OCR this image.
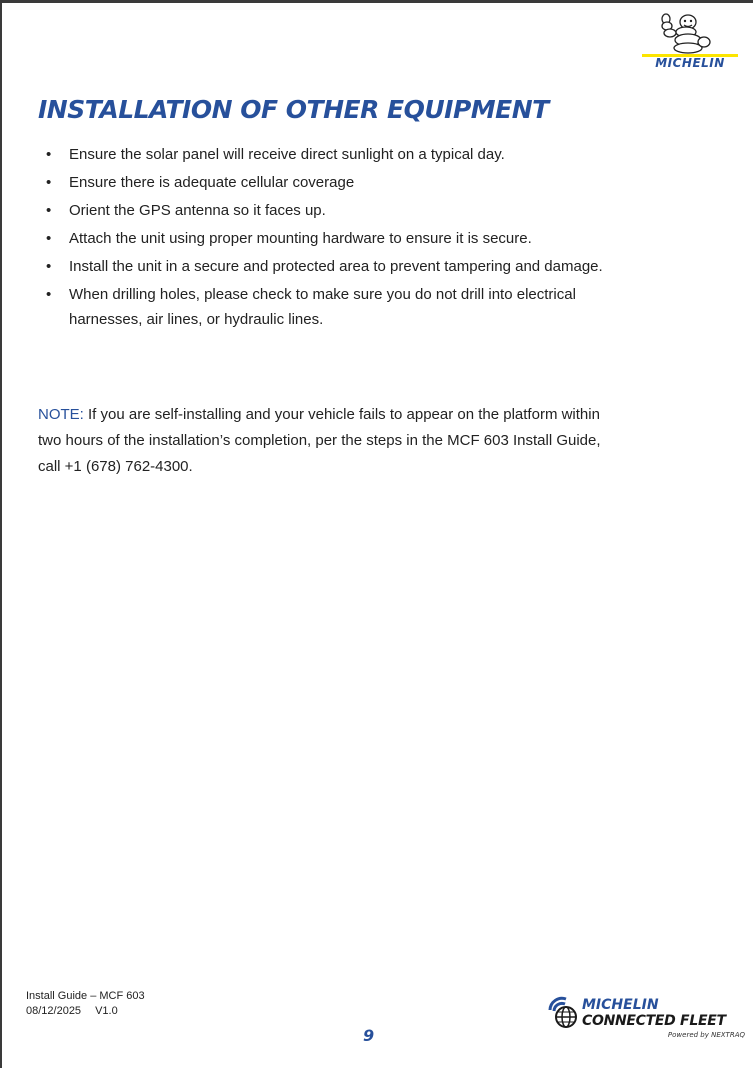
MICHELIN
INSTALLATION OF OTHER EQUIPMENT
• Ensure the solar panel will receive direct sunlight on a typical day.
• Ensure there is adequate cellular coverage
• Orient the GPS antenna so it faces up.
• Attach the unit using proper mounting hardware to ensure it is secure.
• Install the unit in a secure and protected area to prevent tampering and damage.
• When drilling holes, please check to make sure you do not drill into electrical harnesses, air lines, or hydraulic lines.

NOTE: If you are self-installing and your vehicle fails to appear on the platform within two hours of the installation’s completion, per the steps in the MCF 603 Install Guide, call +1 (678) 762-4300.

Install Guide – MCF 603
08/12/2025 V1.0
9
MICHELIN
CONNECTED FLEET
Powered by NEXTRAQ
